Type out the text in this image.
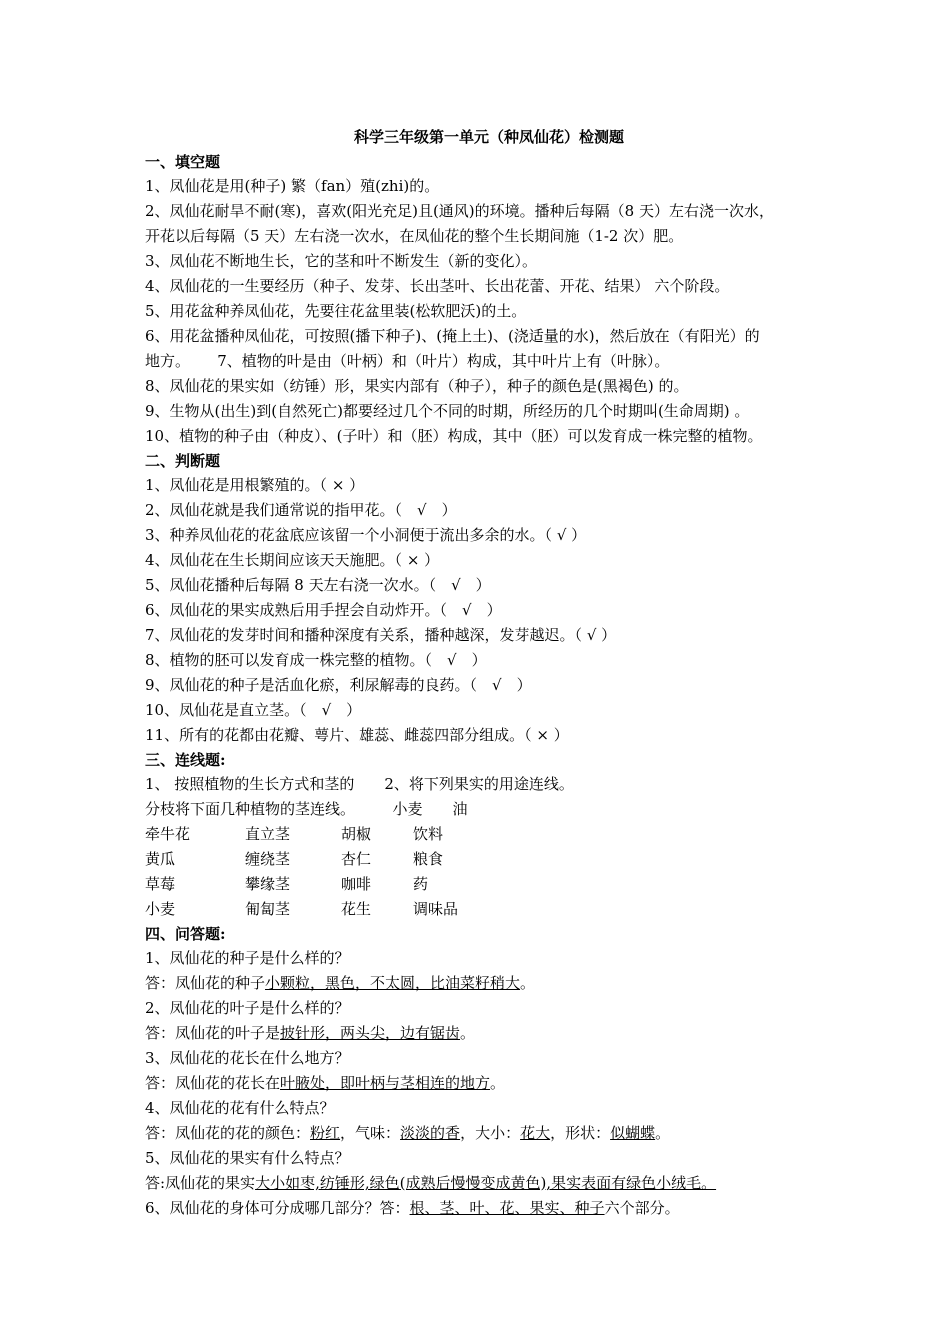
科学三年级第一单元（种凤仙花）检测题
一、填空题
1、凤仙花是用(种子) 繁（fan）殖(zhi)的。
2、凤仙花耐旱不耐(寒)，喜欢(阳光充足)且(通风)的环境。播种后每隔（8 天）左右浇一次水，
开花以后每隔（5 天）左右浇一次水，在凤仙花的整个生长期间施（1-2 次）肥。
3、凤仙花不断地生长，它的茎和叶不断发生（新的变化）。
4、凤仙花的一生要经历（种子、发芽、长出茎叶、长出花蕾、开花、结果） 六个阶段。
5、用花盆种养凤仙花，先要往花盆里装(松软肥沃)的土。
6、用花盆播种凤仙花，可按照(播下种子)、(掩上土)、(浇适量的水)，然后放在（有阳光）的
地方。　　 7、植物的叶是由（叶柄）和（叶片）构成，其中叶片上有（叶脉）。
8、凤仙花的果实如（纺锤）形，果实内部有（种子），种子的颜色是(黑褐色) 的。
9、生物从(出生)到(自然死亡)都要经过几个不同的时期，所经历的几个时期叫(生命周期) 。
10、植物的种子由（种皮）、(子叶）和（胚）构成，其中（胚）可以发育成一株完整的植物。
二、判断题
1、凤仙花是用根繁殖的。（ × ）
2、凤仙花就是我们通常说的指甲花。（　√　）
3、种养凤仙花的花盆底应该留一个小洞便于流出多余的水。（ √ ）
4、凤仙花在生长期间应该天天施肥。（ × ）
5、凤仙花播种后每隔 8 天左右浇一次水。（　√　）
6、凤仙花的果实成熟后用手捏会自动炸开。（　√　）
7、凤仙花的发芽时间和播种深度有关系，播种越深，发芽越迟。（ √ ）
8、植物的胚可以发育成一株完整的植物。（　√　）
9、凤仙花的种子是活血化瘀，利尿解毒的良药。（　√　）
10、凤仙花是直立茎。（　√　）
11、所有的花都由花瓣、萼片、雄蕊、雌蕊四部分组成。（ × ）
三、连线题:
1、 按照植物的生长方式和茎的　　2、将下列果实的用途连线。
分枝将下面几种植物的茎连线。　　　小麦　　油
牵牛花	直立茎	胡椒	饮料
黄瓜	缠绕茎	杏仁	粮食
草莓	攀缘茎	咖啡	药
小麦	匍匐茎	花生	调味品
四、问答题:
1、凤仙花的种子是什么样的？
答：凤仙花的种子小颗粒，黑色，不太圆，比油菜籽稍大。
2、凤仙花的叶子是什么样的？
答：凤仙花的叶子是披针形，两头尖，边有锯齿。
3、凤仙花的花长在什么地方？
答：凤仙花的花长在叶腋处，即叶柄与茎相连的地方。
4、凤仙花的花有什么特点？
答：凤仙花的花的颜色：粉红，气味：淡淡的香，大小：花大，形状：似蝴蝶。
5、凤仙花的果实有什么特点？
答:凤仙花的果实大小如枣,纺锤形,绿色(成熟后慢慢变成黄色),果实表面有绿色小绒毛。
6、凤仙花的身体可分成哪几部分？答：根、茎、叶、花、果实、种子六个部分。
